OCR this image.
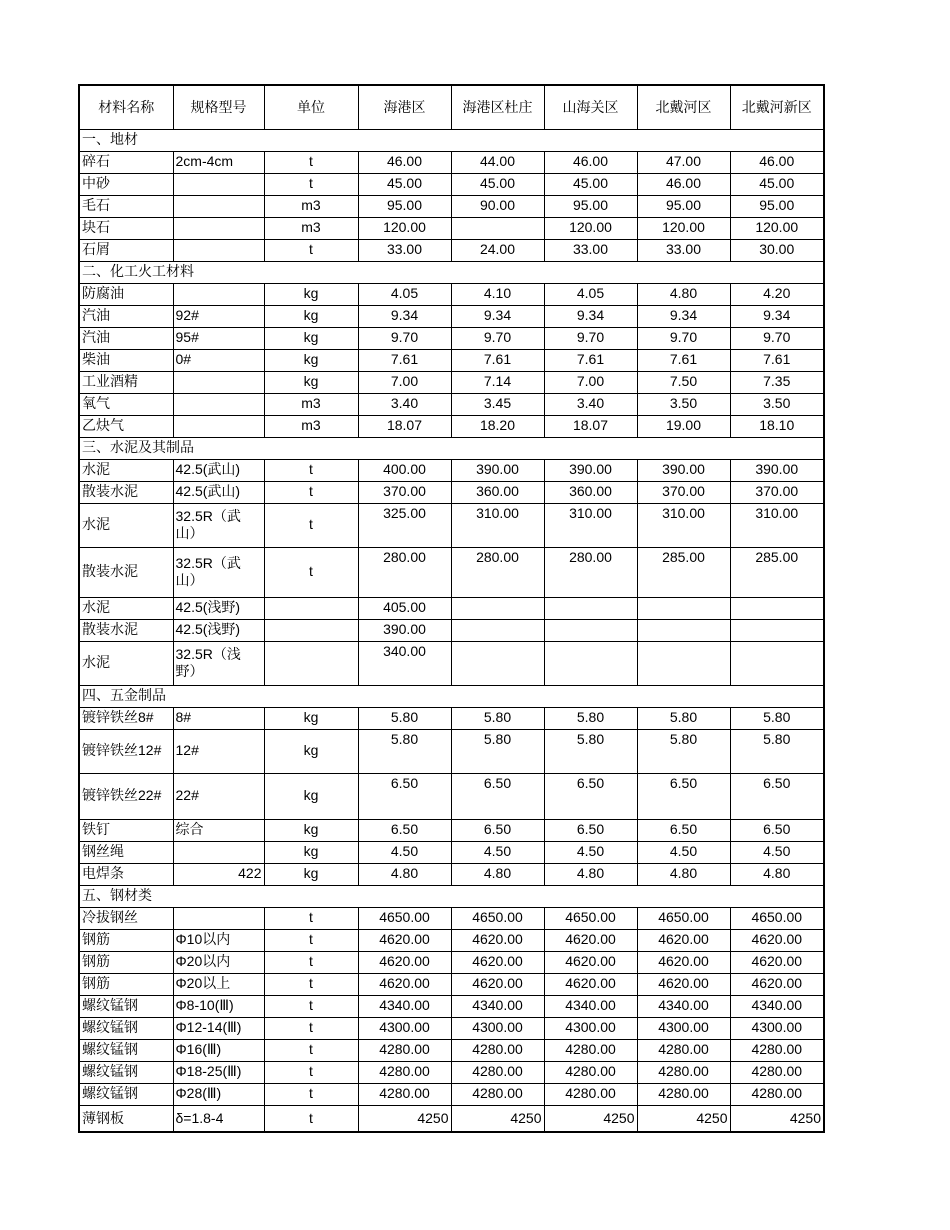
材料名称	规格型号	单位	海港区	海港区杜庄	山海关区	北戴河区	北戴河新区
一、地材							
碎石	2cm-4cm	t	46.00	44.00	46.00	47.00	46.00
中砂		t	45.00	45.00	45.00	46.00	45.00
毛石		m3	95.00	90.00	95.00	95.00	95.00
块石		m3	120.00		120.00	120.00	120.00
石屑		t	33.00	24.00	33.00	33.00	30.00
二、化工火工材料							
防腐油		kg	4.05	4.10	4.05	4.80	4.20
汽油	92#	kg	9.34	9.34	9.34	9.34	9.34
汽油	95#	kg	9.70	9.70	9.70	9.70	9.70
柴油	0#	kg	7.61	7.61	7.61	7.61	7.61
工业酒精		kg	7.00	7.14	7.00	7.50	7.35
氧气		m3	3.40	3.45	3.40	3.50	3.50
乙炔气		m3	18.07	18.20	18.07	19.00	18.10
三、水泥及其制品							
水泥	42.5(武山)	t	400.00	390.00	390.00	390.00	390.00
散装水泥	42.5(武山)	t	370.00	360.00	360.00	370.00	370.00
水泥	32.5R（武山）	t	325.00	310.00	310.00	310.00	310.00
散装水泥	32.5R（武山）	t	280.00	280.00	280.00	285.00	285.00
水泥	42.5(浅野)		405.00				
散装水泥	42.5(浅野)		390.00				
水泥	32.5R（浅野）		340.00				
四、五金制品							
镀锌铁丝8#	8#	kg	5.80	5.80	5.80	5.80	5.80
镀锌铁丝12#	12#	kg	5.80	5.80	5.80	5.80	5.80
镀锌铁丝22#	22#	kg	6.50	6.50	6.50	6.50	6.50
铁钉	综合	kg	6.50	6.50	6.50	6.50	6.50
钢丝绳		kg	4.50	4.50	4.50	4.50	4.50
电焊条	422	kg	4.80	4.80	4.80	4.80	4.80
五、钢材类							
冷拔钢丝		t	4650.00	4650.00	4650.00	4650.00	4650.00
钢筋	Φ10以内	t	4620.00	4620.00	4620.00	4620.00	4620.00
钢筋	Φ20以内	t	4620.00	4620.00	4620.00	4620.00	4620.00
钢筋	Φ20以上	t	4620.00	4620.00	4620.00	4620.00	4620.00
螺纹锰钢	Φ8-10(Ⅲ)	t	4340.00	4340.00	4340.00	4340.00	4340.00
螺纹锰钢	Φ12-14(Ⅲ)	t	4300.00	4300.00	4300.00	4300.00	4300.00
螺纹锰钢	Φ16(Ⅲ)	t	4280.00	4280.00	4280.00	4280.00	4280.00
螺纹锰钢	Φ18-25(Ⅲ)	t	4280.00	4280.00	4280.00	4280.00	4280.00
螺纹锰钢	Φ28(Ⅲ)	t	4280.00	4280.00	4280.00	4280.00	4280.00
薄钢板	δ=1.8-4	t	4250	4250	4250	4250	4250
